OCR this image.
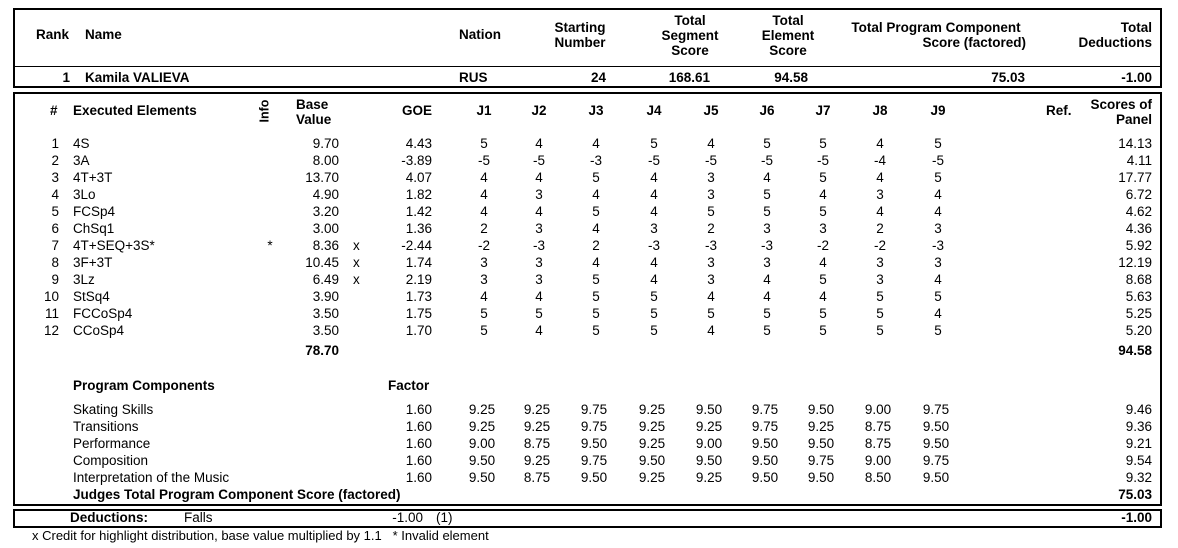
Rank Name	Nation	Starting
Number
Total
Segment
Score
Total
Element
Score
Total Program Component
Score (factored)
Total
Deductions
1 Kamila VALIEVA	RUS	24	168.61	94.58	75.03	-1.00
# Executed Elements	Info Base
Value
GOE	J1	J2	J3	J4	J5	J6	J7	J8	J9	Ref.	Scores of
Panel
1 4S	9.70	4.43	5	4	4	5	4	5	5	4	5	14.13
2 3A	8.00	-3.89	-5	-5	-3	-5	-5	-5	-5	-4	-5	4.11
3 4T+3T	13.70	4.07	4	4	5	4	3	4	5	4	5	17.77
4 3Lo	4.90	1.82	4	3	4	4	3	5	4	3	4	6.72
5 FCSp4	3.20	1.42	4	4	5	4	5	5	5	4	4	4.62
6 ChSq1	3.00	1.36	2	3	4	3	2	3	3	2	3	4.36
7 4T+SEQ+3S*	*	8.36 x	-2.44	-2	-3	2	-3	-3	-3	-2	-2	-3	5.92
8 3F+3T	10.45 x	1.74	3	3	4	4	3	3	4	3	3	12.19
9 3Lz	6.49 x	2.19	3	3	5	4	3	4	5	3	4	8.68
10 StSq4	3.90	1.73	4	4	5	5	4	4	4	5	5	5.63
11 FCCoSp4	3.50	1.75	5	5	5	5	5	5	5	5	4	5.25
12 CCoSp4	3.50	1.70	5	4	5	5	4	5	5	5	5	5.20
78.70	94.58
Program Components	Factor
Skating Skills	1.60	9.25	9.25	9.75	9.25	9.50	9.75	9.50	9.00	9.75	9.46
Transitions	1.60	9.25	9.25	9.75	9.25	9.25	9.75	9.25	8.75	9.50	9.36
Performance	1.60	9.00	8.75	9.50	9.25	9.00	9.50	9.50	8.75	9.50	9.21
Composition	1.60	9.50	9.25	9.75	9.50	9.50	9.50	9.75	9.00	9.75	9.54
Interpretation of the Music	1.60	9.50	8.75	9.50	9.25	9.25	9.50	9.50	8.50	9.50	9.32
Judges Total Program Component Score (factored)	75.03
Deductions:	Falls	-1.00 (1)	-1.00
x Credit for highlight distribution, base value multiplied by 1.1   * Invalid element
